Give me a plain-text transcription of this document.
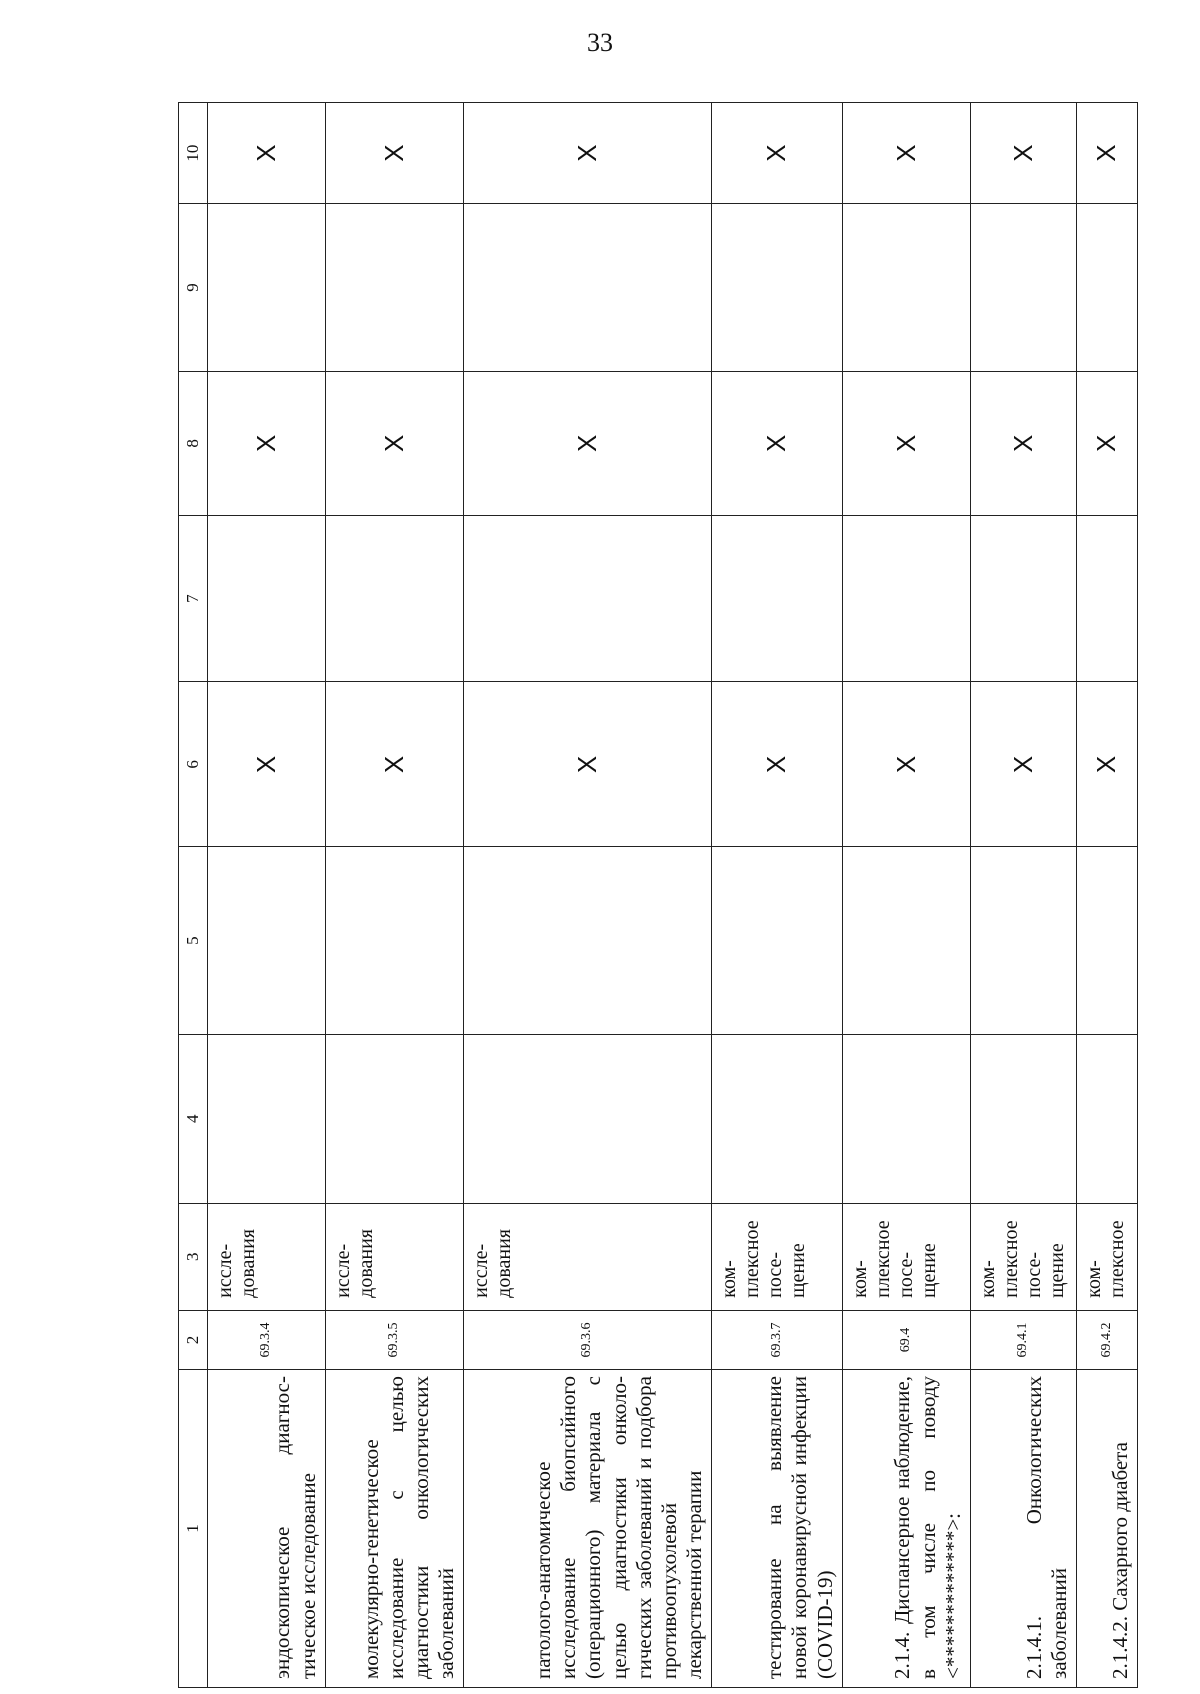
33
1	2	3	4	5	6	7	8	9	10
эндоскопическое диагностическое исследование	69.3.4	исследования			X		X		X
молекулярно-генетическое исследование с целью диагностики онкологических заболеваний	69.3.5	исследования			X		X		X
патолого-анатомическое исследование биопсийного (операционного) материала с целью диагностики онкологических заболеваний и подбора противоопухолевой лекарственной терапии	69.3.6	исследования			X		X		X
тестирование на выявление новой коронавирусной инфекции (COVID-19)	69.3.7	комплексное посещение			X		X		X
2.1.4. Диспансерное наблюдение, в том числе по поводу <*************>:	69.4	комплексное посещение			X		X		X
2.1.4.1. Онкологических заболеваний	69.4.1	комплексное посещение			X		X		X
2.1.4.2. Сахарного диабета	69.4.2	комплексное			X		X		X
